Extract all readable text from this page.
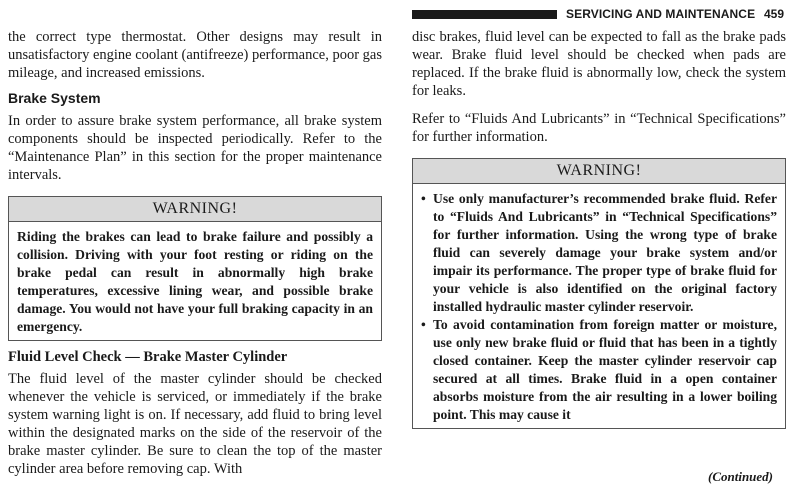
SERVICING AND MAINTENANCE 459

the correct type thermostat. Other designs may result in unsatisfactory engine coolant (antifreeze) performance, poor gas mileage, and increased emissions.

Brake System

In order to assure brake system performance, all brake system components should be inspected periodically. Refer to the “Maintenance Plan” in this section for the proper maintenance intervals.

WARNING!

Riding the brakes can lead to brake failure and possibly a collision. Driving with your foot resting or riding on the brake pedal can result in abnormally high brake temperatures, excessive lining wear, and possible brake damage. You would not have your full braking capacity in an emergency.

Fluid Level Check — Brake Master Cylinder

The fluid level of the master cylinder should be checked whenever the vehicle is serviced, or immediately if the brake system warning light is on. If necessary, add fluid to bring level within the designated marks on the side of the reservoir of the brake master cylinder. Be sure to clean the top of the master cylinder area before removing cap. With

disc brakes, fluid level can be expected to fall as the brake pads wear. Brake fluid level should be checked when pads are replaced. If the brake fluid is abnormally low, check the system for leaks.

Refer to “Fluids And Lubricants” in “Technical Specifications” for further information.

WARNING!
• Use only manufacturer’s recommended brake fluid. Refer to “Fluids And Lubricants” in “Technical Specifications” for further information. Using the wrong type of brake fluid can severely damage your brake system and/or impair its performance. The proper type of brake fluid for your vehicle is also identified on the original factory installed hydraulic master cylinder reservoir.
• To avoid contamination from foreign matter or moisture, use only new brake fluid or fluid that has been in a tightly closed container. Keep the master cylinder reservoir cap secured at all times. Brake fluid in a open container absorbs moisture from the air resulting in a lower boiling point. This may cause it
(Continued)
